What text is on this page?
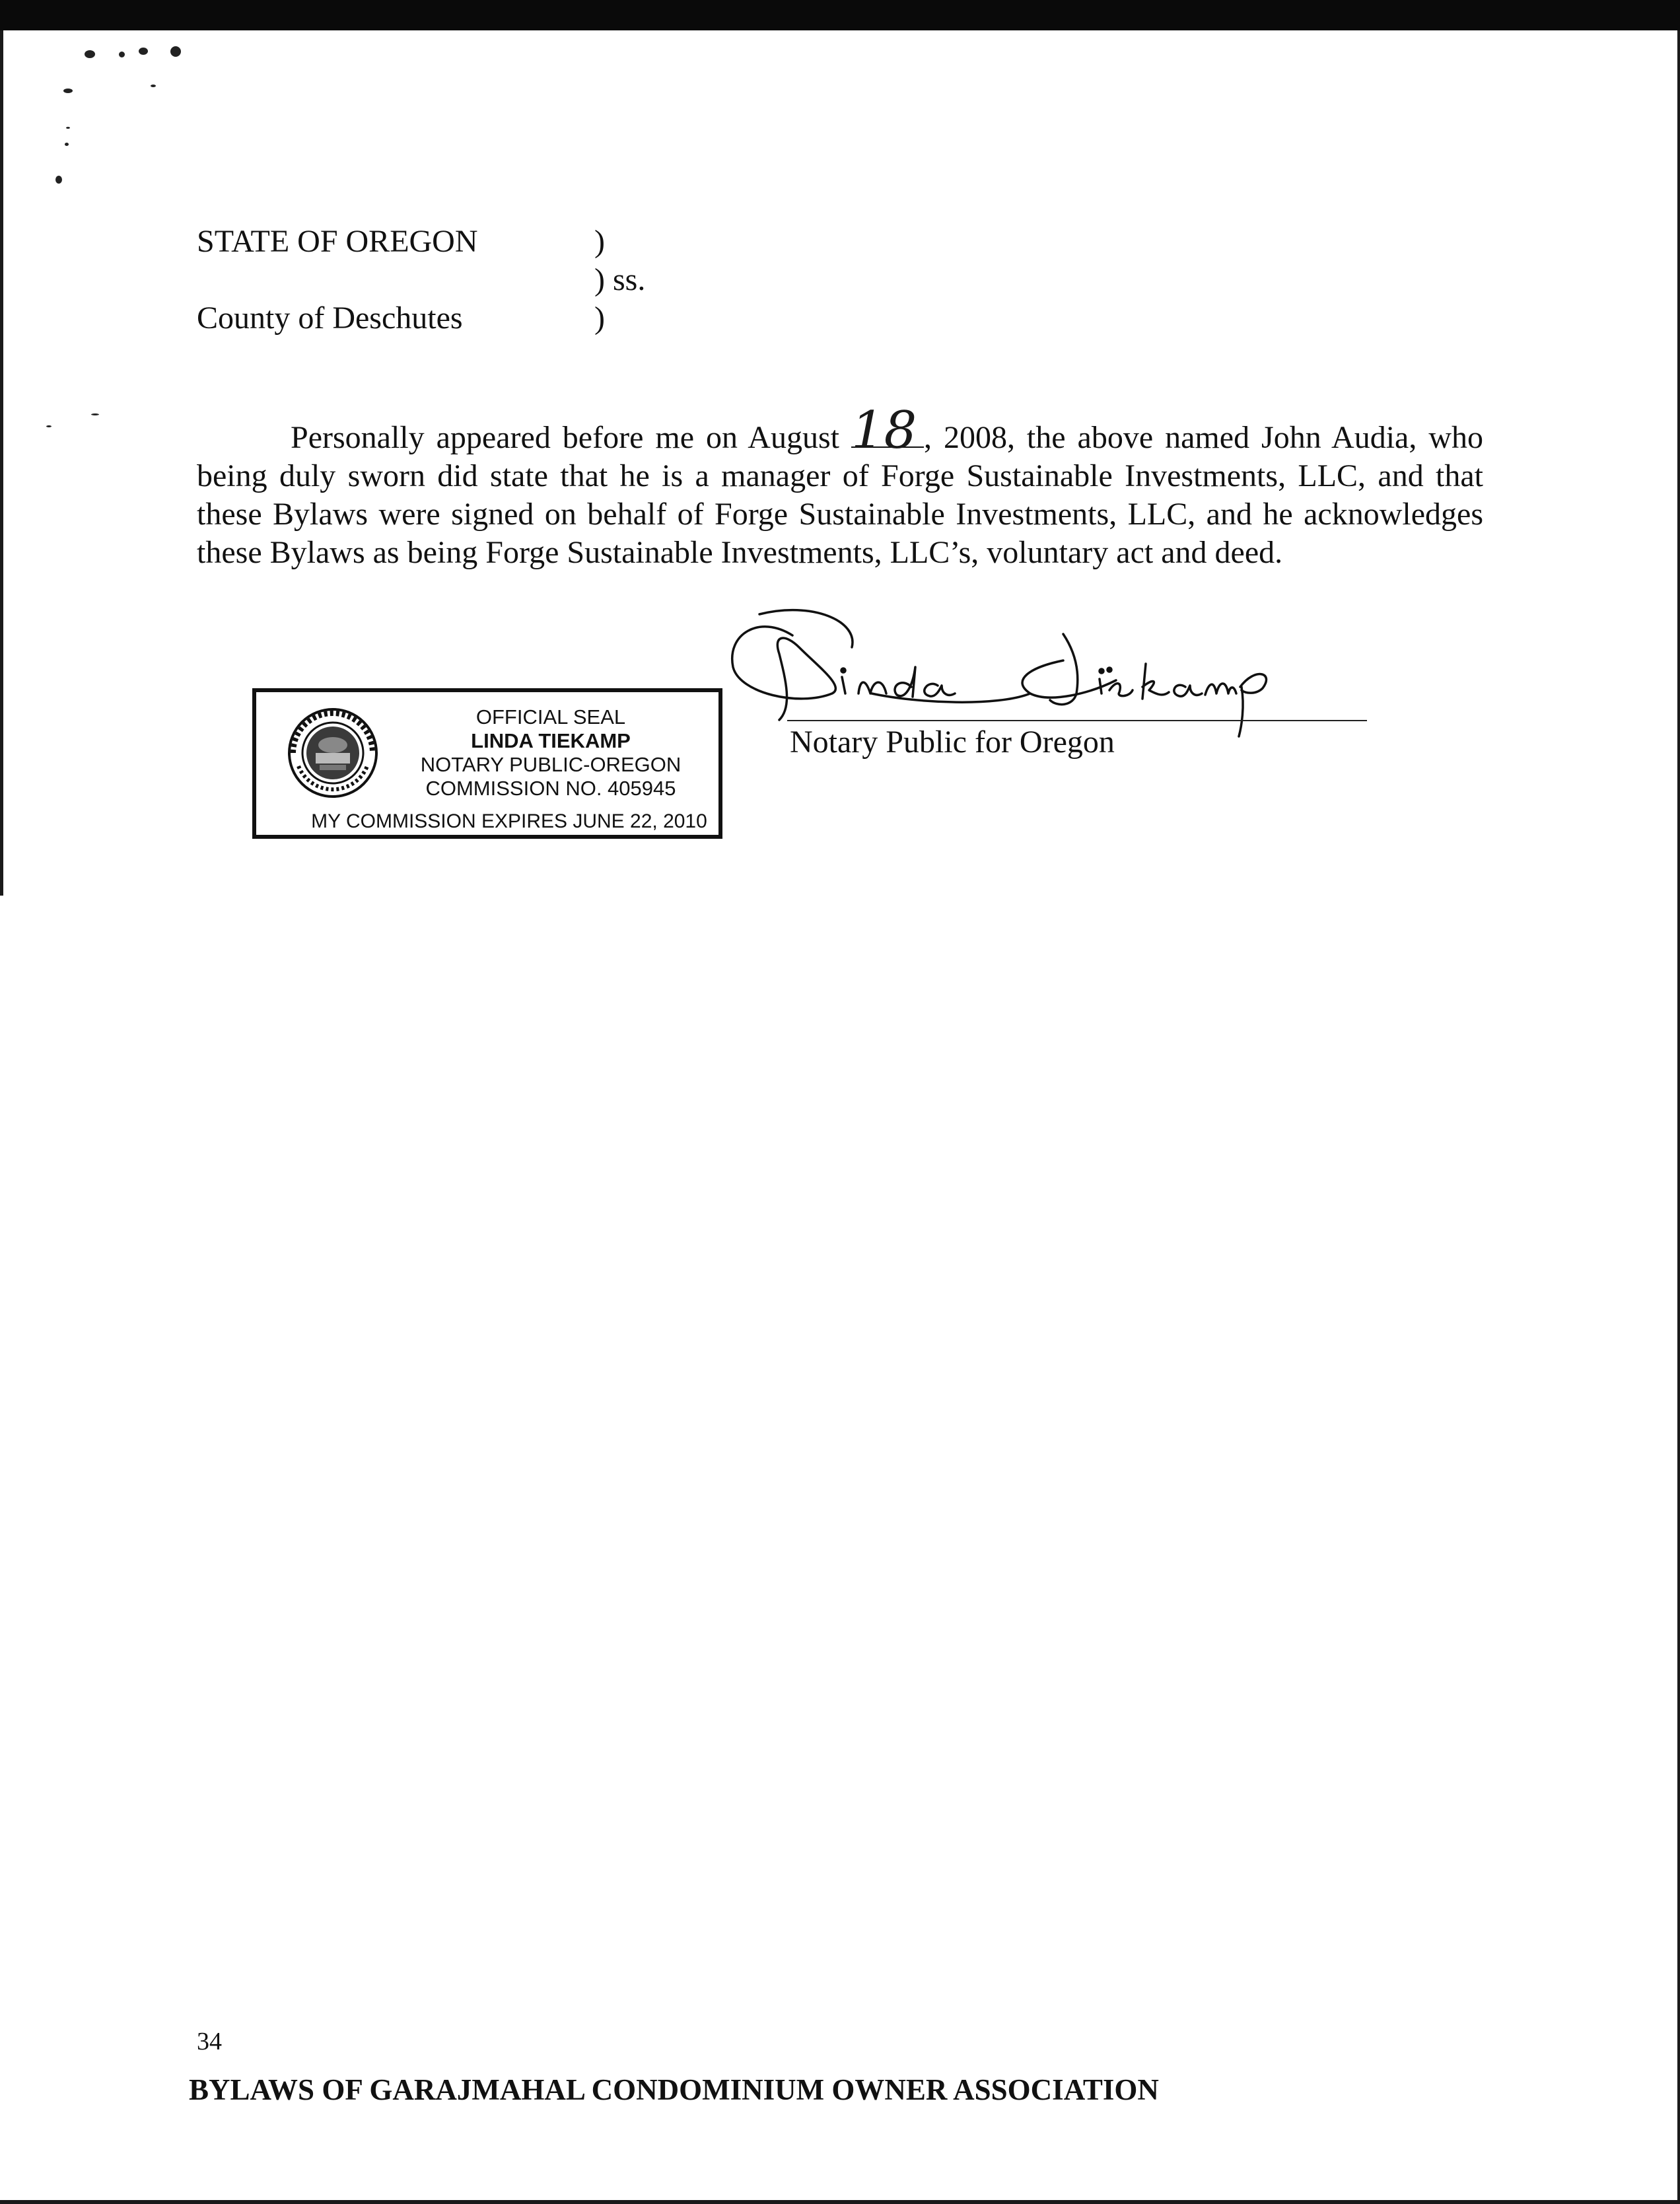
STATE OF OREGON
County of Deschutes
)
) ss.
)
Personally appeared before me on August 18 , 2008, the above named John Audia, who being duly sworn did state that he is a manager of Forge Sustainable Investments, LLC, and that these Bylaws were signed on behalf of Forge Sustainable Investments, LLC, and he acknowledges these Bylaws as being Forge Sustainable Investments, LLC’s, voluntary act and deed.
Notary Public for Oregon
OFFICIAL SEAL
LINDA TIEKAMP
NOTARY PUBLIC-OREGON
COMMISSION NO. 405945
MY COMMISSION EXPIRES JUNE 22, 2010
34
BYLAWS OF GARAJMAHAL CONDOMINIUM OWNER ASSOCIATION
